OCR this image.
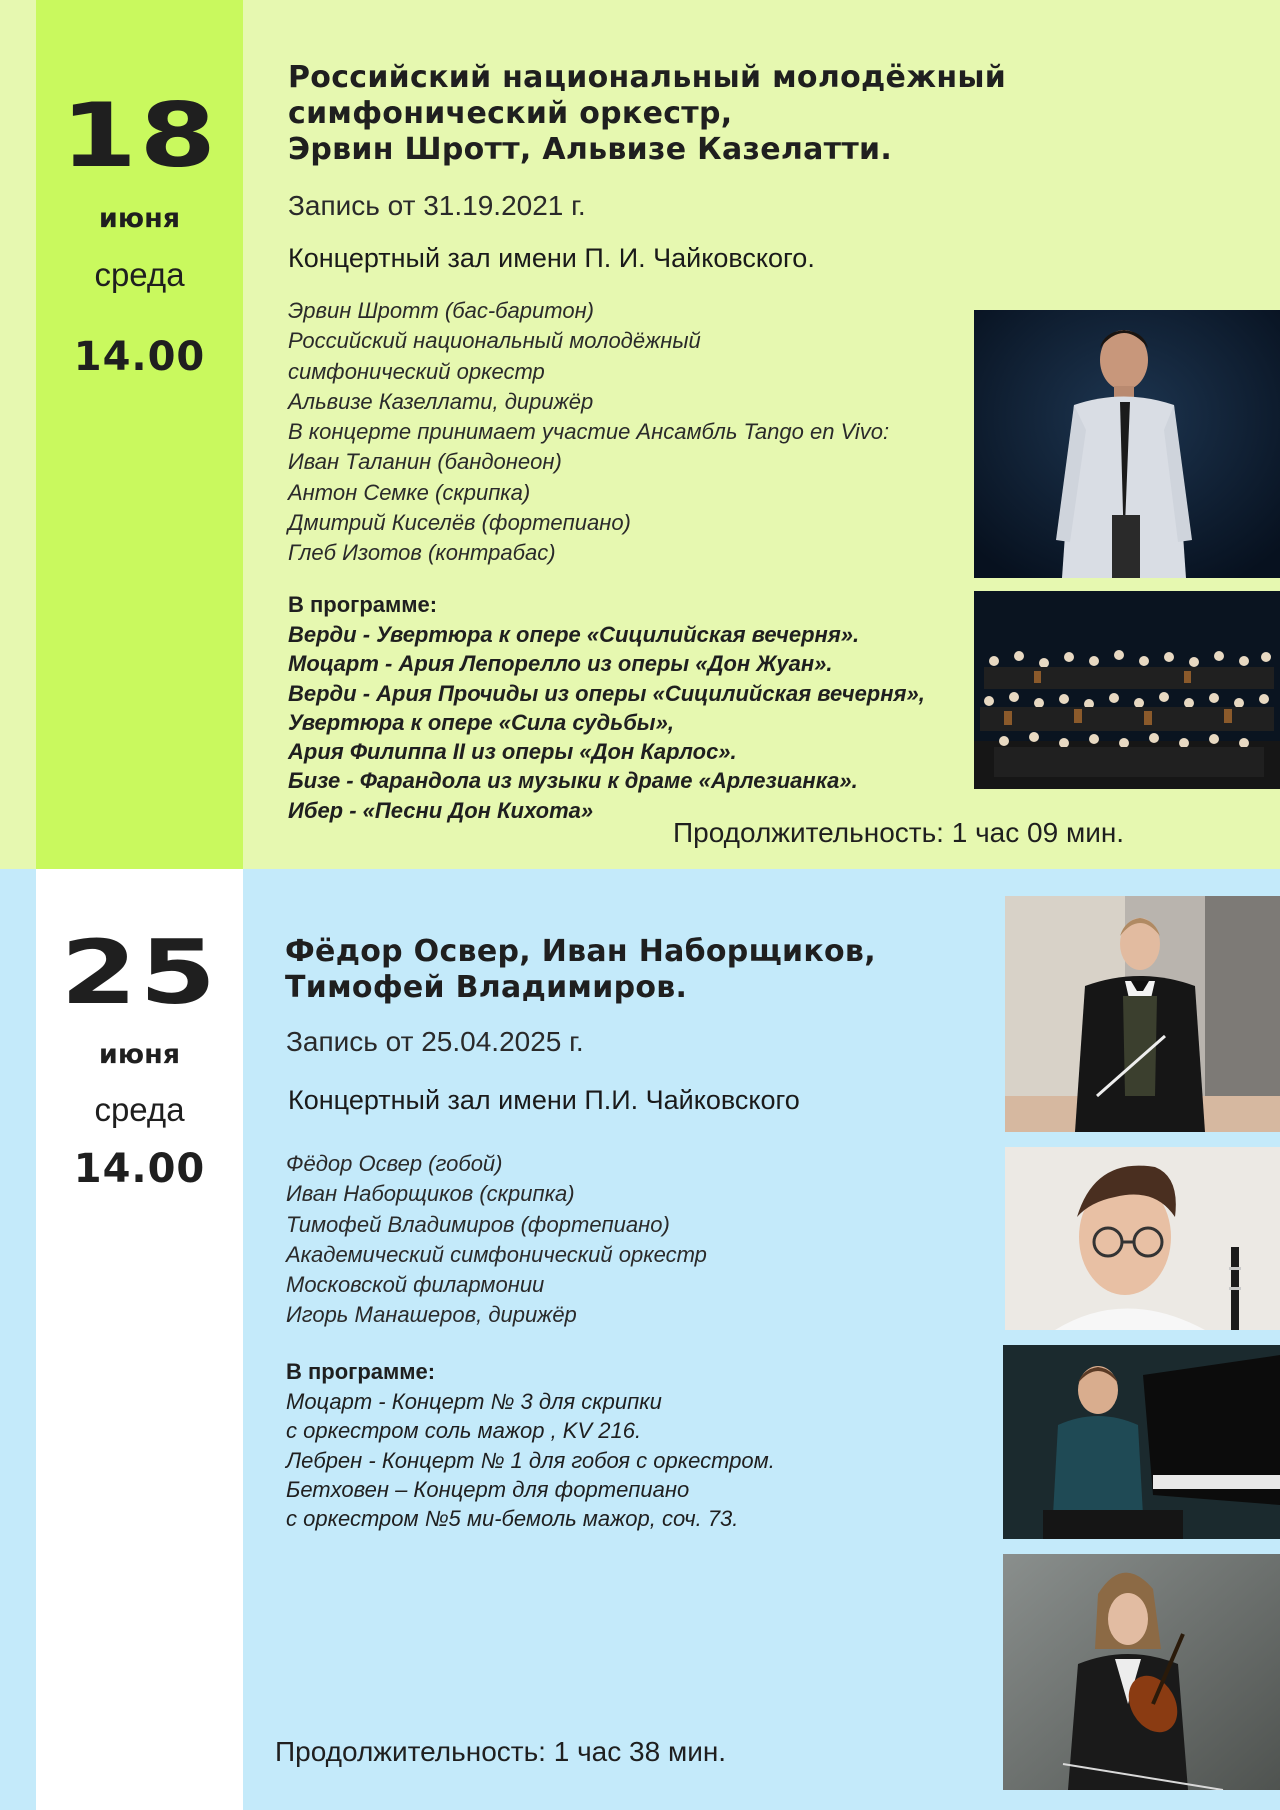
18
июня
среда
14.00
Российский национальный молодёжный
симфонический оркестр,
Эрвин Шротт, Альвизе Казелатти.
Запись от 31.19.2021 г.
Концертный зал имени П. И. Чайковского.
Эрвин Шротт (бас-баритон)
Российский национальный молодёжный
симфонический оркестр
Альвизе Казеллати, дирижёр
В концерте принимает участие Ансамбль Tango en Vivo:
Иван Таланин (бандонеон)
Антон Семке (скрипка)
Дмитрий Киселёв (фортепиано)
Глеб Изотов (контрабас)
В программе:
Верди - Увертюра к опере «Сицилийская вечерня».
Моцарт - Ария Лепорелло из оперы «Дон Жуан».
Верди - Ария Прочиды из оперы «Сицилийская вечерня»,
Увертюра к опере «Сила судьбы»,
Ария Филиппа II из оперы «Дон Карлос».
Бизе - Фарандола из музыки к драме «Арлезианка».
Ибер - «Песни Дон Кихота»
Продолжительность: 1 час 09 мин.
25
июня
среда
14.00
Фёдор Освер, Иван Наборщиков,
Тимофей Владимиров.
Запись от 25.04.2025 г.
Концертный зал имени П.И. Чайковского
Фёдор Освер (гобой)
Иван Наборщиков (скрипка)
Тимофей Владимиров (фортепиано)
Академический симфонический оркестр
Московской филармонии
Игорь Манашеров, дирижёр
В программе:
Моцарт - Концерт № 3 для скрипки
с оркестром соль мажор , KV 216.
Лебрен - Концерт № 1 для гобоя с оркестром.
Бетховен – Концерт для фортепиано
с оркестром №5 ми-бемоль мажор, соч. 73.
Продолжительность: 1 час 38 мин.
